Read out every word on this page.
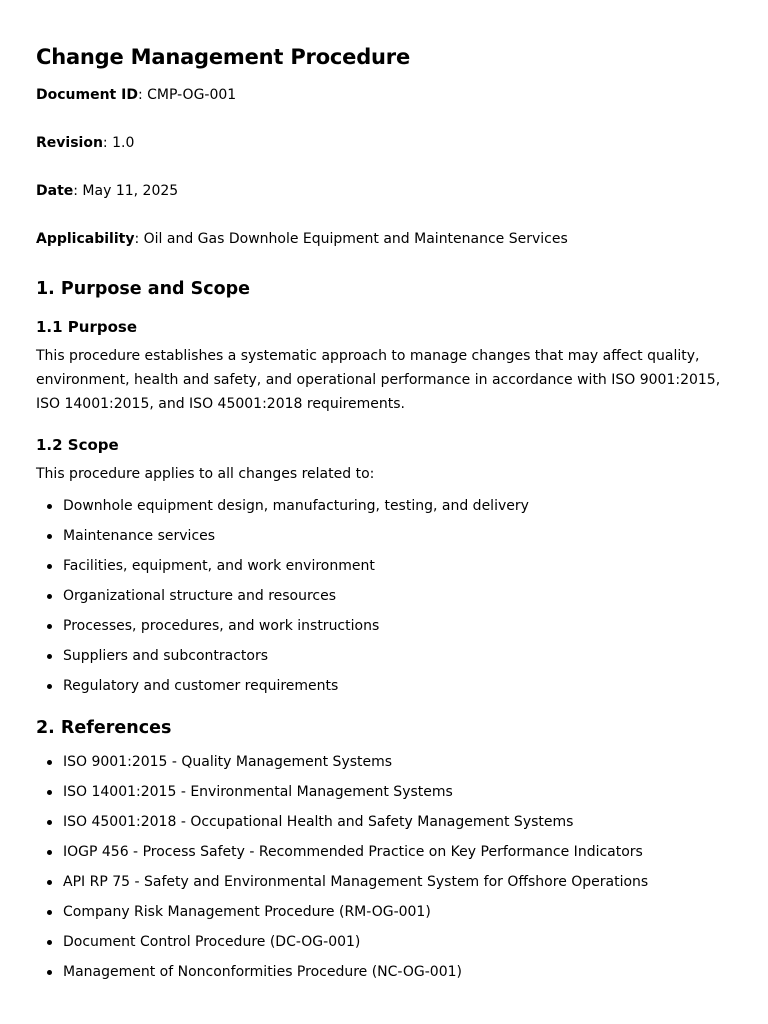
Change Management Procedure

Document ID: CMP-OG-001

Revision: 1.0

Date: May 11, 2025

Applicability: Oil and Gas Downhole Equipment and Maintenance Services

1. Purpose and Scope
1.1 Purpose

This procedure establishes a systematic approach to manage changes that may affect quality, environment, health and safety, and operational performance in accordance with ISO 9001:2015, ISO 14001:2015, and ISO 45001:2018 requirements.

1.2 Scope

This procedure applies to all changes related to:

Downhole equipment design, manufacturing, testing, and delivery
Maintenance services
Facilities, equipment, and work environment
Organizational structure and resources
Processes, procedures, and work instructions
Suppliers and subcontractors
Regulatory and customer requirements
2. References
ISO 9001:2015 - Quality Management Systems
ISO 14001:2015 - Environmental Management Systems
ISO 45001:2018 - Occupational Health and Safety Management Systems
IOGP 456 - Process Safety - Recommended Practice on Key Performance Indicators
API RP 75 - Safety and Environmental Management System for Offshore Operations
Company Risk Management Procedure (RM-OG-001)
Document Control Procedure (DC-OG-001)
Management of Nonconformities Procedure (NC-OG-001)
